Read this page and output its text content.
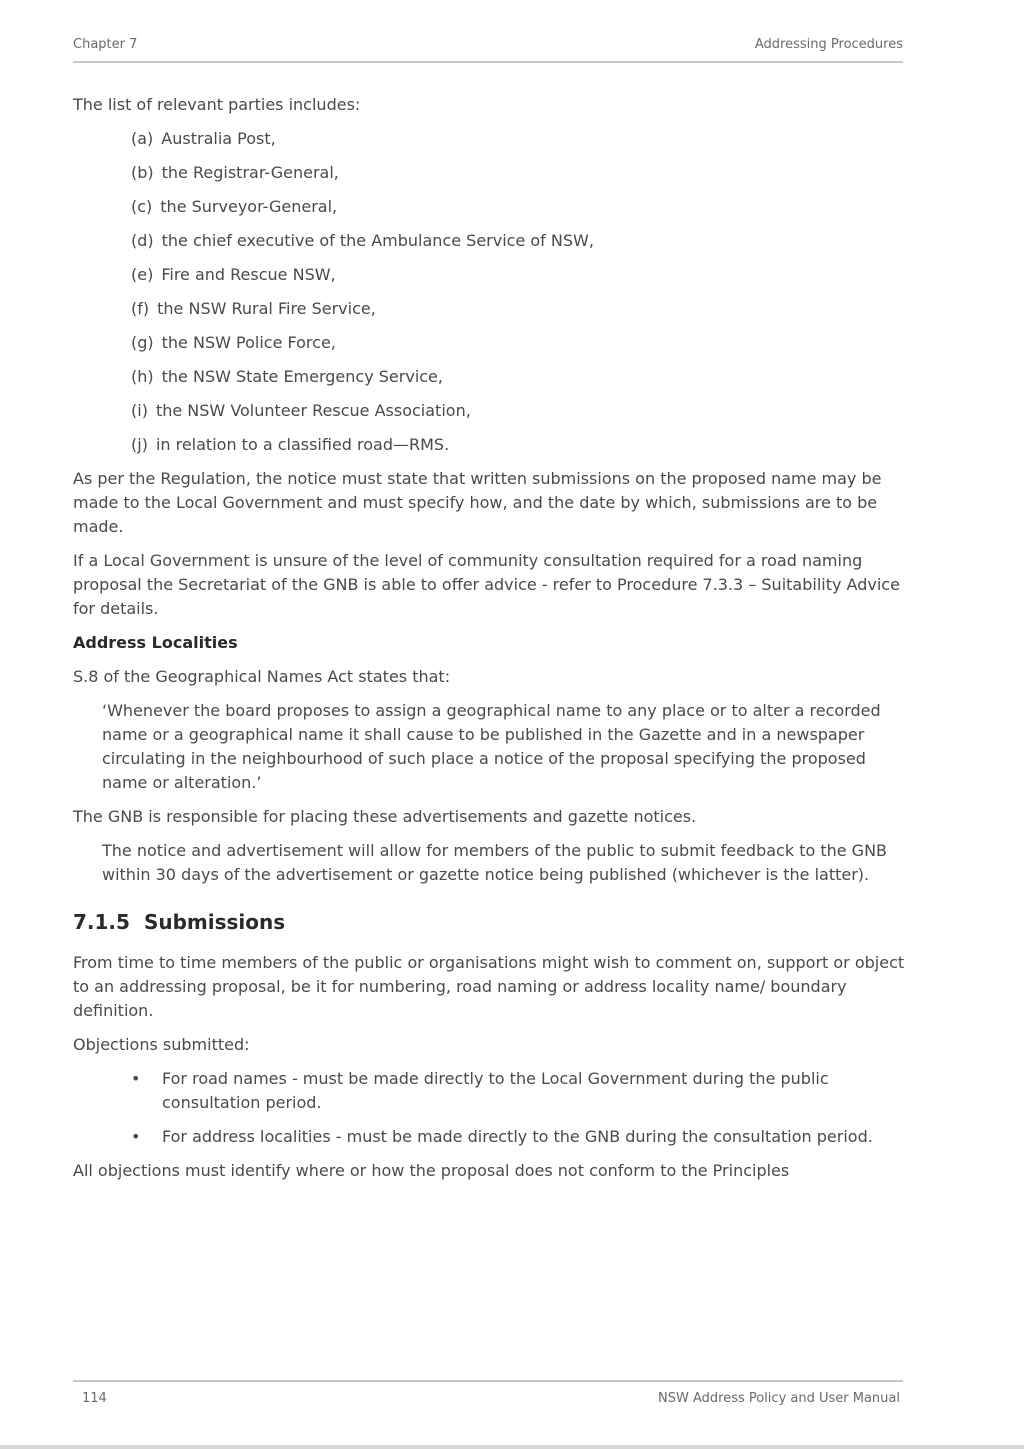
Chapter 7	Addressing Procedures

The list of relevant parties includes:

(a) Australia Post,
(b) the Registrar-General,
(c) the Surveyor-General,
(d) the chief executive of the Ambulance Service of NSW,
(e) Fire and Rescue NSW,
(f) the NSW Rural Fire Service,
(g) the NSW Police Force,
(h) the NSW State Emergency Service,
(i) the NSW Volunteer Rescue Association,
(j) in relation to a classified road—RMS.

As per the Regulation, the notice must state that written submissions on the proposed name may be made to the Local Government and must specify how, and the date by which, submissions are to be made.

If a Local Government is unsure of the level of community consultation required for a road naming proposal the Secretariat of the GNB is able to offer advice - refer to Procedure 7.3.3 – Suitability Advice for details.

Address Localities

S.8 of the Geographical Names Act states that:

‘Whenever the board proposes to assign a geographical name to any place or to alter a recorded name or a geographical name it shall cause to be published in the Gazette and in a newspaper circulating in the neighbourhood of such place a notice of the proposal specifying the proposed name or alteration.’

The GNB is responsible for placing these advertisements and gazette notices.

The notice and advertisement will allow for members of the public to submit feedback to the GNB within 30 days of the advertisement or gazette notice being published (whichever is the latter).

7.1.5 Submissions

From time to time members of the public or organisations might wish to comment on, support or object to an addressing proposal, be it for numbering, road naming or address locality name/ boundary definition.

Objections submitted:

• For road names - must be made directly to the Local Government during the public consultation period.
• For address localities - must be made directly to the GNB during the consultation period.

All objections must identify where or how the proposal does not conform to the Principles

114	NSW Address Policy and User Manual
